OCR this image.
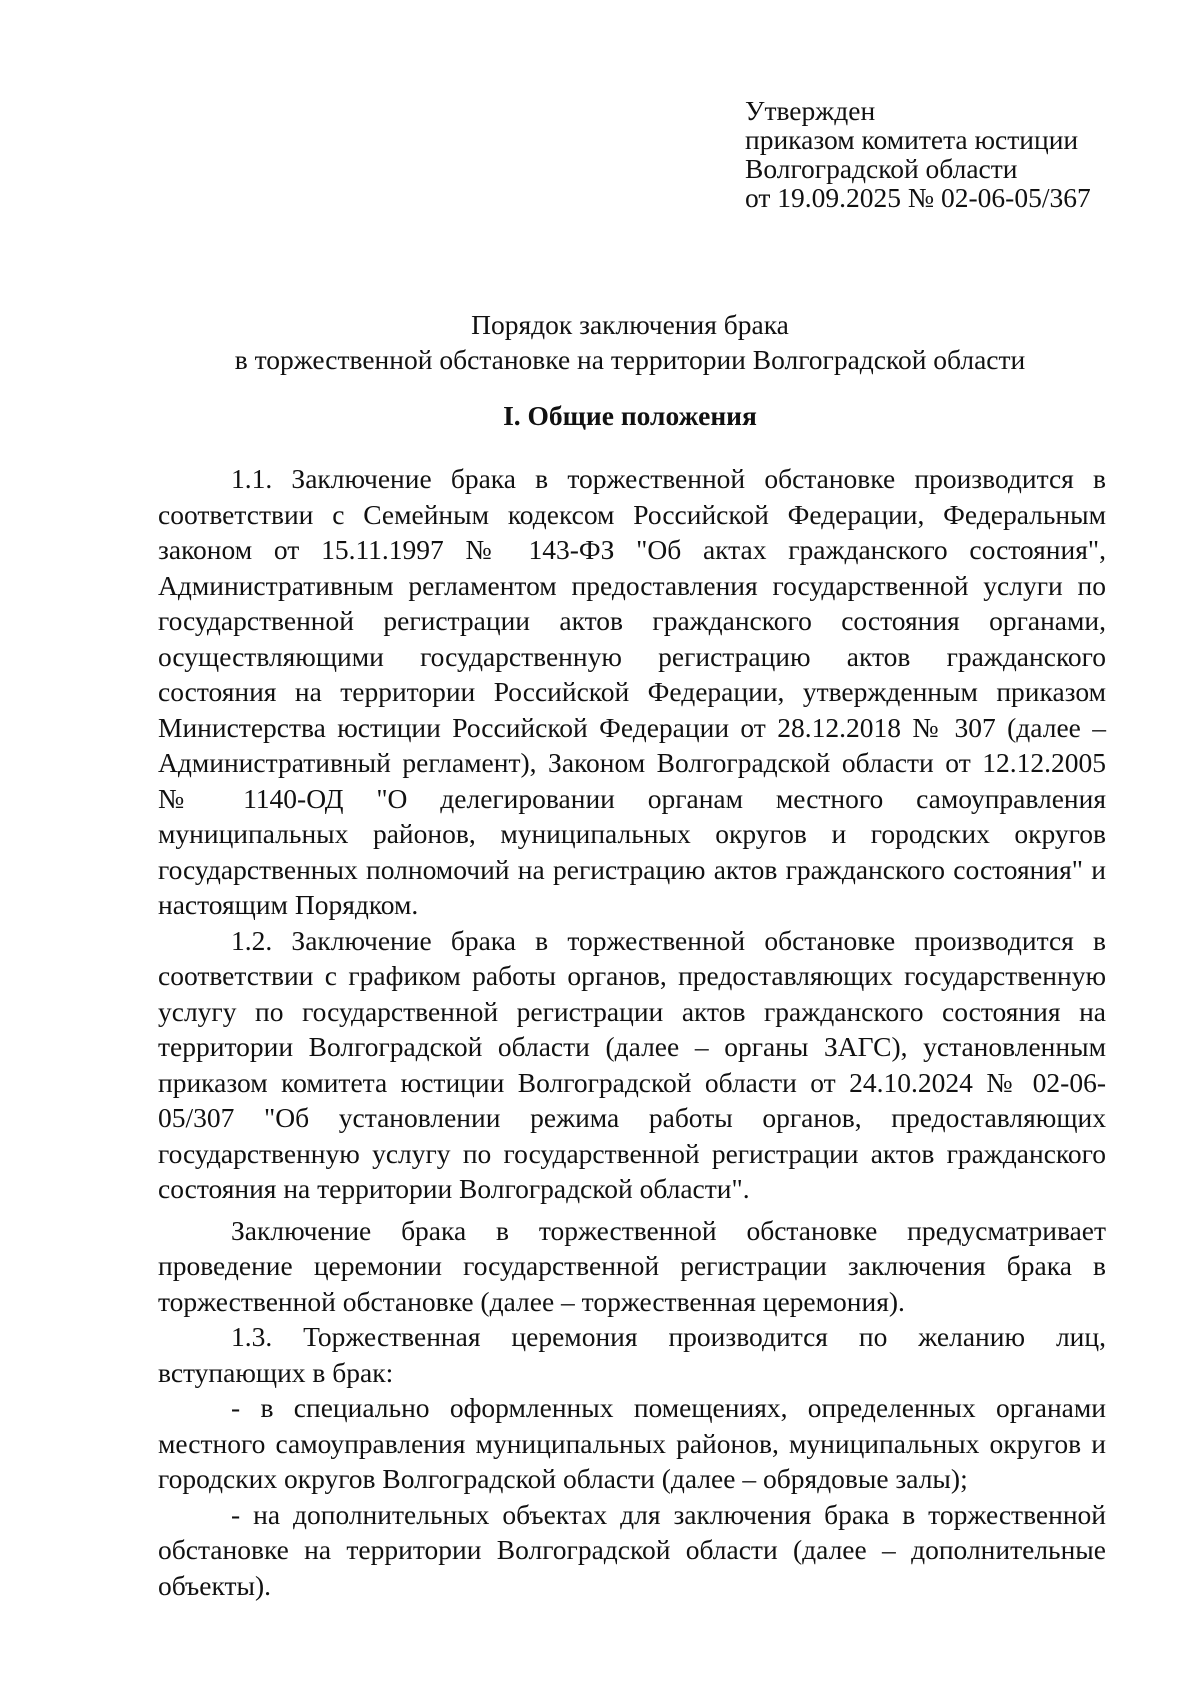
Утвержден
приказом комитета юстиции
Волгоградской области
от 19.09.2025 № 02-06-05/367
Порядок заключения брака
в торжественной обстановке на территории Волгоградской области
I. Общие положения

1.1. Заключение брака в торжественной обстановке производится в соответствии с Семейным кодексом Российской Федерации, Федеральным законом от 15.11.1997 № 143-ФЗ "Об актах гражданского состояния", Административным регламентом предоставления государственной услуги по государственной регистрации актов гражданского состояния органами, осуществляющими государственную регистрацию актов гражданского состояния на территории Российской Федерации, утвержденным приказом Министерства юстиции Российской Федерации от 28.12.2018 № 307 (далее – Административный регламент), Законом Волгоградской области от 12.12.2005 № 1140-ОД "О делегировании органам местного самоуправления муниципальных районов, муниципальных округов и городских округов государственных полномочий на регистрацию актов гражданского состояния" и настоящим Порядком.

1.2. Заключение брака в торжественной обстановке производится в соответствии с графиком работы органов, предоставляющих государственную услугу по государственной регистрации актов гражданского состояния на территории Волгоградской области (далее – органы ЗАГС), установленным приказом комитета юстиции Волгоградской области от 24.10.2024 № 02-06-05/307 "Об установлении режима работы органов, предоставляющих государственную услугу по государственной регистрации актов гражданского состояния на территории Волгоградской области".

Заключение брака в торжественной обстановке предусматривает проведение церемонии государственной регистрации заключения брака в торжественной обстановке (далее – торжественная церемония).

1.3. Торжественная церемония производится по желанию лиц, вступающих в брак:

- в специально оформленных помещениях, определенных органами местного самоуправления муниципальных районов, муниципальных округов и городских округов Волгоградской области (далее – обрядовые залы);

- на дополнительных объектах для заключения брака в торжественной обстановке на территории Волгоградской области (далее – дополнительные объекты).
